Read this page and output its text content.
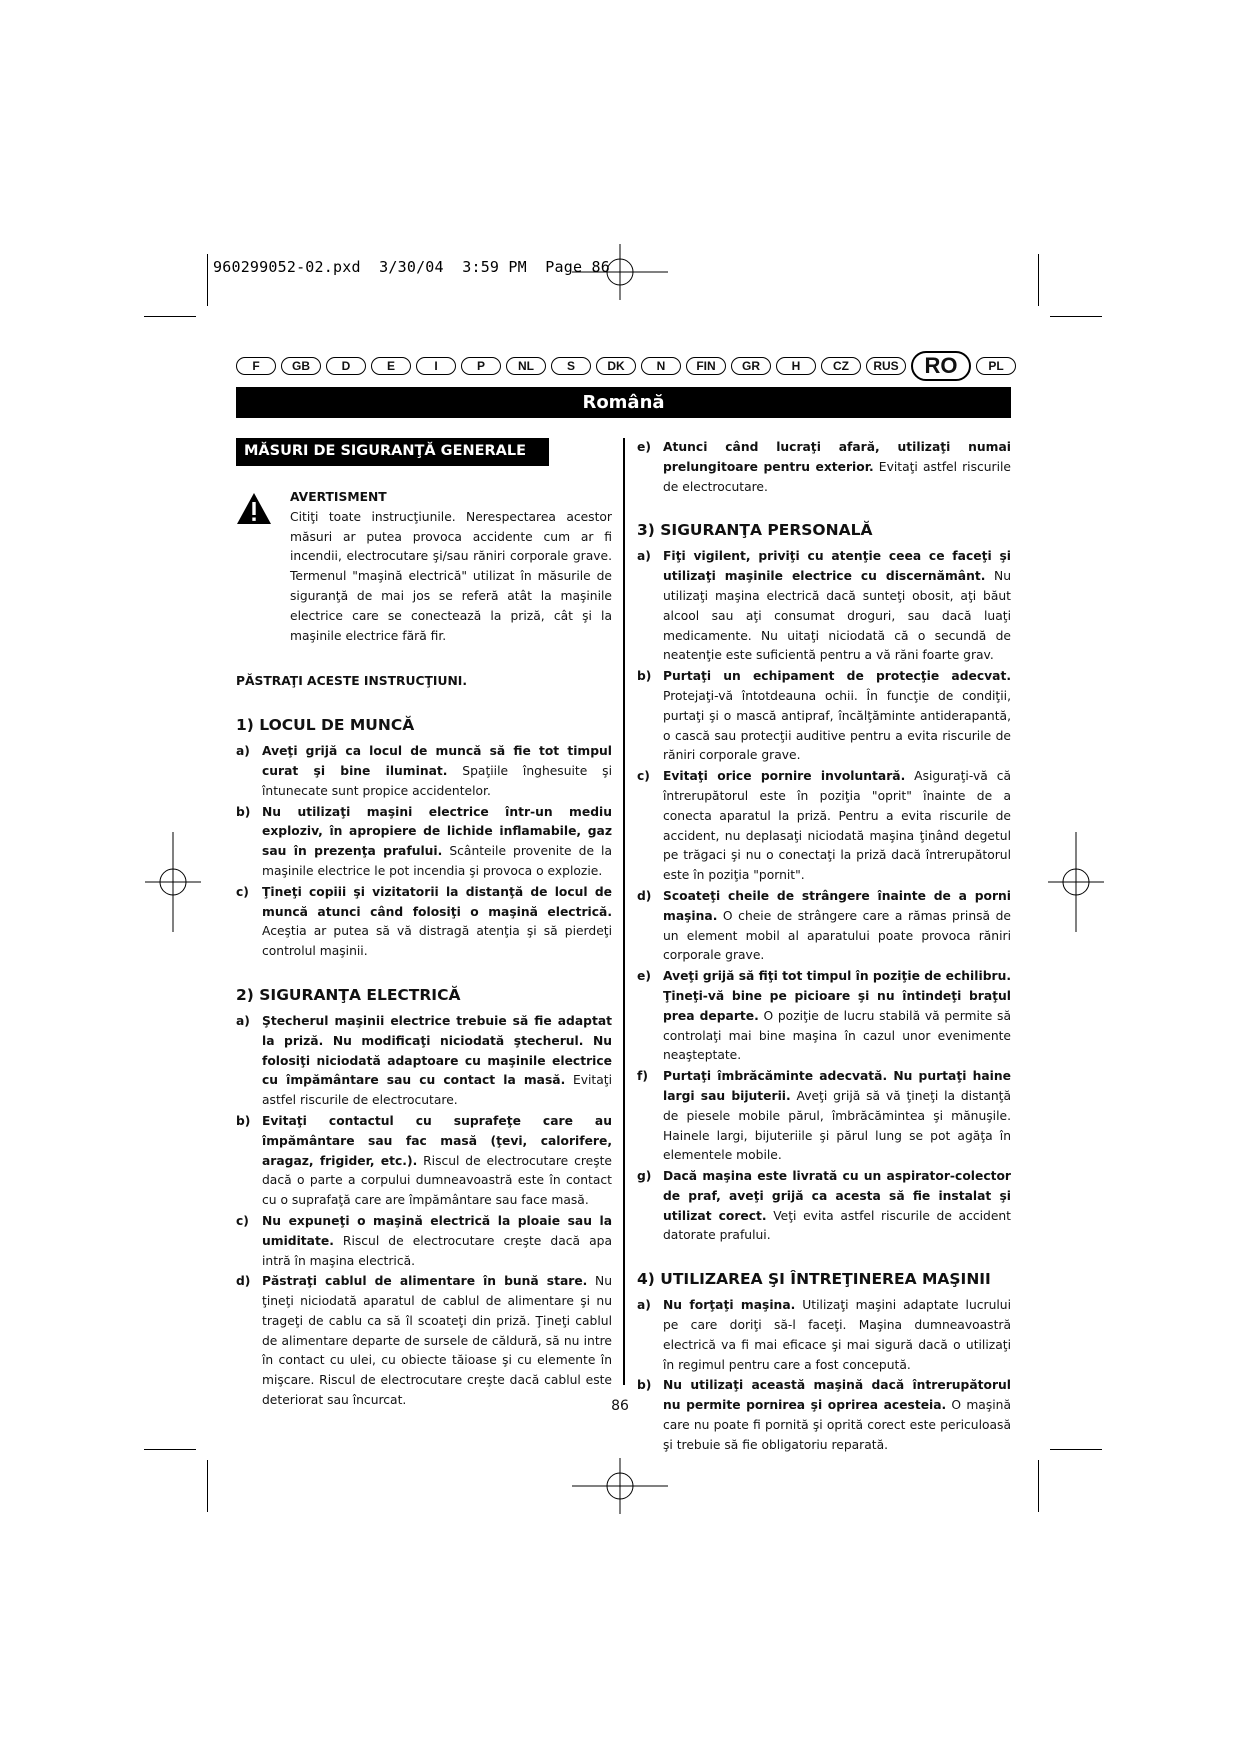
960299052-02.pxd  3/30/04  3:59 PM  Page 86
F	GB	D	E	I	P	NL	S	DK	N	FIN	GR	H	CZ	RUS	RO	PL
Română
MĂSURI DE SIGURANŢĂ GENERALE
AVERTISMENT
Citiţi toate instrucţiunile. Nerespectarea acestor măsuri ar putea provoca accidente cum ar fi incendii, electrocutare şi/sau răniri corporale grave. Termenul "maşină electrică" utilizat în măsurile de siguranţă de mai jos se referă atât la maşinile electrice care se conectează la priză, cât şi la maşinile electrice fără fir.
PĂSTRAŢI ACESTE INSTRUCŢIUNI.
1) LOCUL DE MUNCĂ
a) Aveţi grijă ca locul de muncă să fie tot timpul curat şi bine iluminat. Spaţiile înghesuite şi întunecate sunt propice accidentelor.
b) Nu utilizaţi maşini electrice într-un mediu exploziv, în apropiere de lichide inflamabile, gaz sau în prezenţa prafului. Scânteile provenite de la maşinile electrice le pot incendia şi provoca o explozie.
c)	Ţineţi copiii şi vizitatorii la distanţă de locul de muncă atunci când folosiţi o maşină electrică. Aceştia ar putea să vă distragă atenţia şi să pierdeţi controlul maşinii.
2) SIGURANŢA ELECTRICĂ
a) Ştecherul maşinii electrice trebuie să fie adaptat la priză. Nu modificaţi niciodată ştecherul. Nu folosiţi niciodată adaptoare cu maşinile electrice cu împământare sau cu contact la masă. Evitaţi astfel riscurile de electrocutare.
b) Evitaţi contactul cu suprafeţe care au împământare sau fac masă (ţevi, calorifere, aragaz, frigider, etc.). Riscul de electrocutare creşte dacă o parte a corpului dumneavoastră este în contact cu o suprafaţă care are împământare sau face masă.
c)	Nu expuneţi o maşină electrică la ploaie sau la umiditate. Riscul de electrocutare creşte dacă apa intră în maşina electrică.
d) Păstraţi cablul de alimentare în bună stare. Nu ţineţi niciodată aparatul de cablul de alimentare şi nu trageţi de cablu ca să îl scoateţi din priză. Ţineţi cablul de alimentare departe de sursele de căldură, să nu intre în contact cu ulei, cu obiecte tăioase şi cu elemente în mişcare. Riscul de electrocutare creşte dacă cablul este deteriorat sau încurcat.
e) Atunci când lucraţi afară, utilizaţi numai prelungitoare pentru exterior. Evitaţi astfel riscurile de electrocutare.
3) SIGURANŢA PERSONALĂ
a) Fiţi vigilent, priviţi cu atenţie ceea ce faceţi şi utilizaţi maşinile electrice cu discernământ. Nu utilizaţi maşina electrică dacă sunteţi obosit, aţi băut alcool sau aţi consumat droguri, sau dacă luaţi medicamente. Nu uitaţi niciodată că o secundă de neatenţie este suficientă pentru a vă răni foarte grav.
b) Purtaţi un echipament de protecţie adecvat. Protejaţi-vă întotdeauna ochii. În funcţie de condiţii, purtaţi şi o mască antipraf, încălţăminte antiderapantă, o cască sau protecţii auditive pentru a evita riscurile de răniri corporale grave.
c)	Evitaţi orice pornire involuntară. Asiguraţi-vă că întrerupătorul este în poziţia "oprit" înainte de a conecta aparatul la priză. Pentru a evita riscurile de accident, nu deplasaţi niciodată maşina ţinând degetul pe trăgaci şi nu o conectaţi la priză dacă întrerupătorul este în poziţia "pornit".
d) Scoateţi cheile de strângere înainte de a porni maşina. O cheie de strângere care a rămas prinsă de un element mobil al aparatului poate provoca răniri corporale grave.
e) Aveţi grijă să fiţi tot timpul în poziţie de echilibru. Ţineţi-vă bine pe picioare şi nu întindeţi braţul prea departe. O poziţie de lucru stabilă vă permite să controlaţi mai bine maşina în cazul unor evenimente neaşteptate.
f)	Purtaţi îmbrăcăminte adecvată. Nu purtaţi haine largi sau bijuterii. Aveţi grijă să vă ţineţi la distanţă de piesele mobile părul, îmbrăcămintea şi mănuşile. Hainele largi, bijuteriile şi părul lung se pot agăţa în elementele mobile.
g) Dacă maşina este livrată cu un aspirator-colector de praf, aveţi grijă ca acesta să fie instalat şi utilizat corect. Veţi evita astfel riscurile de accident datorate prafului.
4) UTILIZAREA ŞI ÎNTREŢINEREA MAŞINII
a) Nu forţaţi maşina. Utilizaţi maşini adaptate lucrului pe care doriţi să-l faceţi. Maşina dumneavoastră electrică va fi mai eficace şi mai sigură dacă o utilizaţi în regimul pentru care a fost concepută.
b) Nu utilizaţi această maşină dacă întrerupătorul nu permite pornirea şi oprirea acesteia. O maşină care nu poate fi pornită şi oprită corect este periculoasă şi trebuie să fie obligatoriu reparată.
86
